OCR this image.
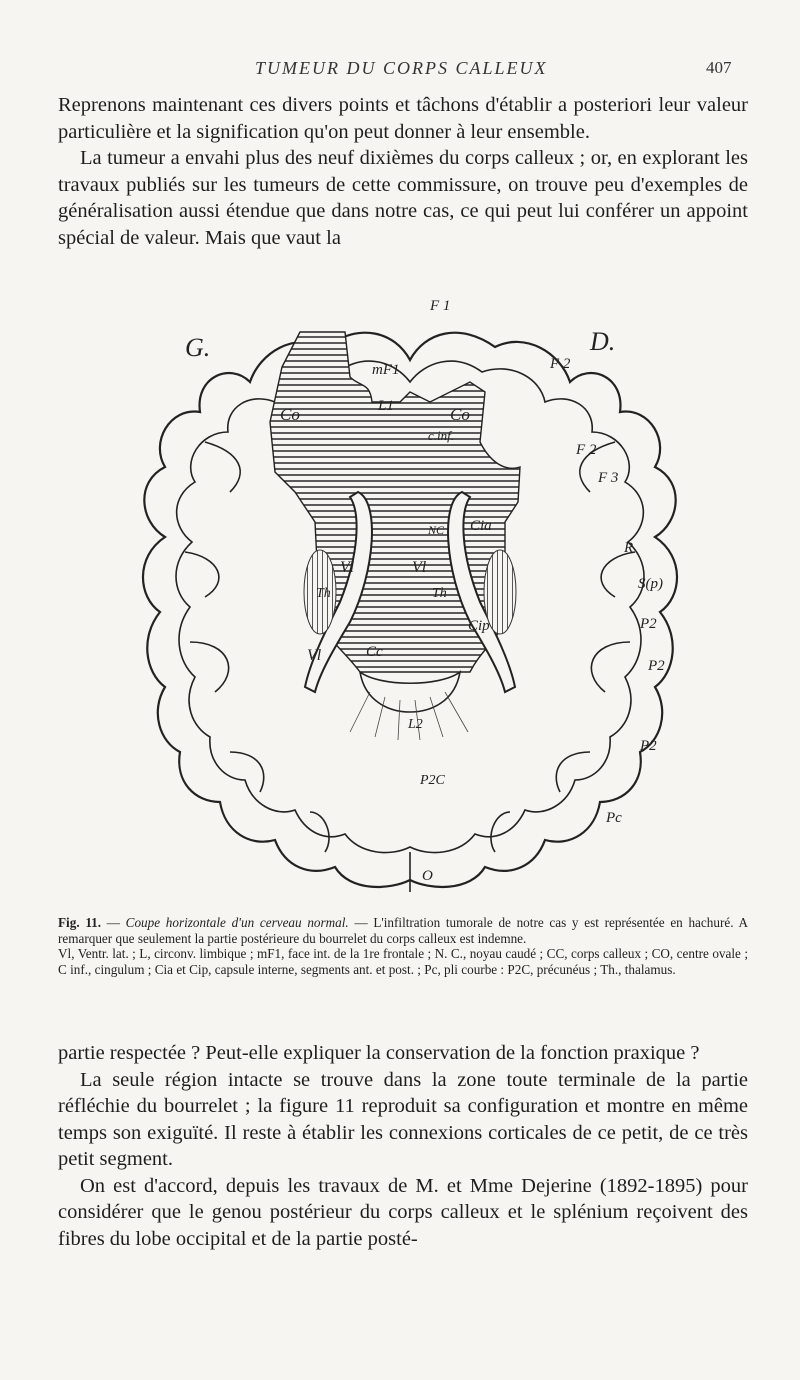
TUMEUR DU CORPS CALLEUX	407

Reprenons maintenant ces divers points et tâchons d'établir a posteriori leur valeur particulière et la signification qu'on peut donner à leur ensemble.

La tumeur a envahi plus des neuf dixièmes du corps calleux ; or, en explorant les travaux publiés sur les tumeurs de cette commissure, on trouve peu d'exemples de généralisation aussi étendue que dans notre cas, ce qui peut lui conférer un appoint spécial de valeur. Mais que vaut la

G.	D.
F 1
F 2
F 2
F 3
mF1
L1
L2
Co	Co
c.inf.
NC Cia
Cip
Vl	Vl
Vl
Th	Th
Cc
R
S(p)
P2
P2
P2
P2C
Pc
O

Fig. 11. — Coupe horizontale d'un cerveau normal. — L'infiltration tumorale de notre cas y est représentée en hachuré. A remarquer que seulement la partie postérieure du bourrelet du corps calleux est indemne.

Vl, Ventr. lat. ; L, circonv. limbique ; mF1, face int. de la 1re frontale ; N. C., noyau caudé ; CC, corps calleux ; CO, centre ovale ; C inf., cingulum ; Cia et Cip, capsule interne, segments ant. et post. ; Pc, pli courbe : P2C, précunéus ; Th., thalamus.

partie respectée ? Peut-elle expliquer la conservation de la fonction praxique ?

La seule région intacte se trouve dans la zone toute terminale de la partie réfléchie du bourrelet ; la figure 11 reproduit sa configuration et montre en même temps son exiguïté. Il reste à établir les connexions corticales de ce petit, de ce très petit segment.

On est d'accord, depuis les travaux de M. et Mme Dejerine (1892-1895) pour considérer que le genou postérieur du corps calleux et le splénium reçoivent des fibres du lobe occipital et de la partie posté-
